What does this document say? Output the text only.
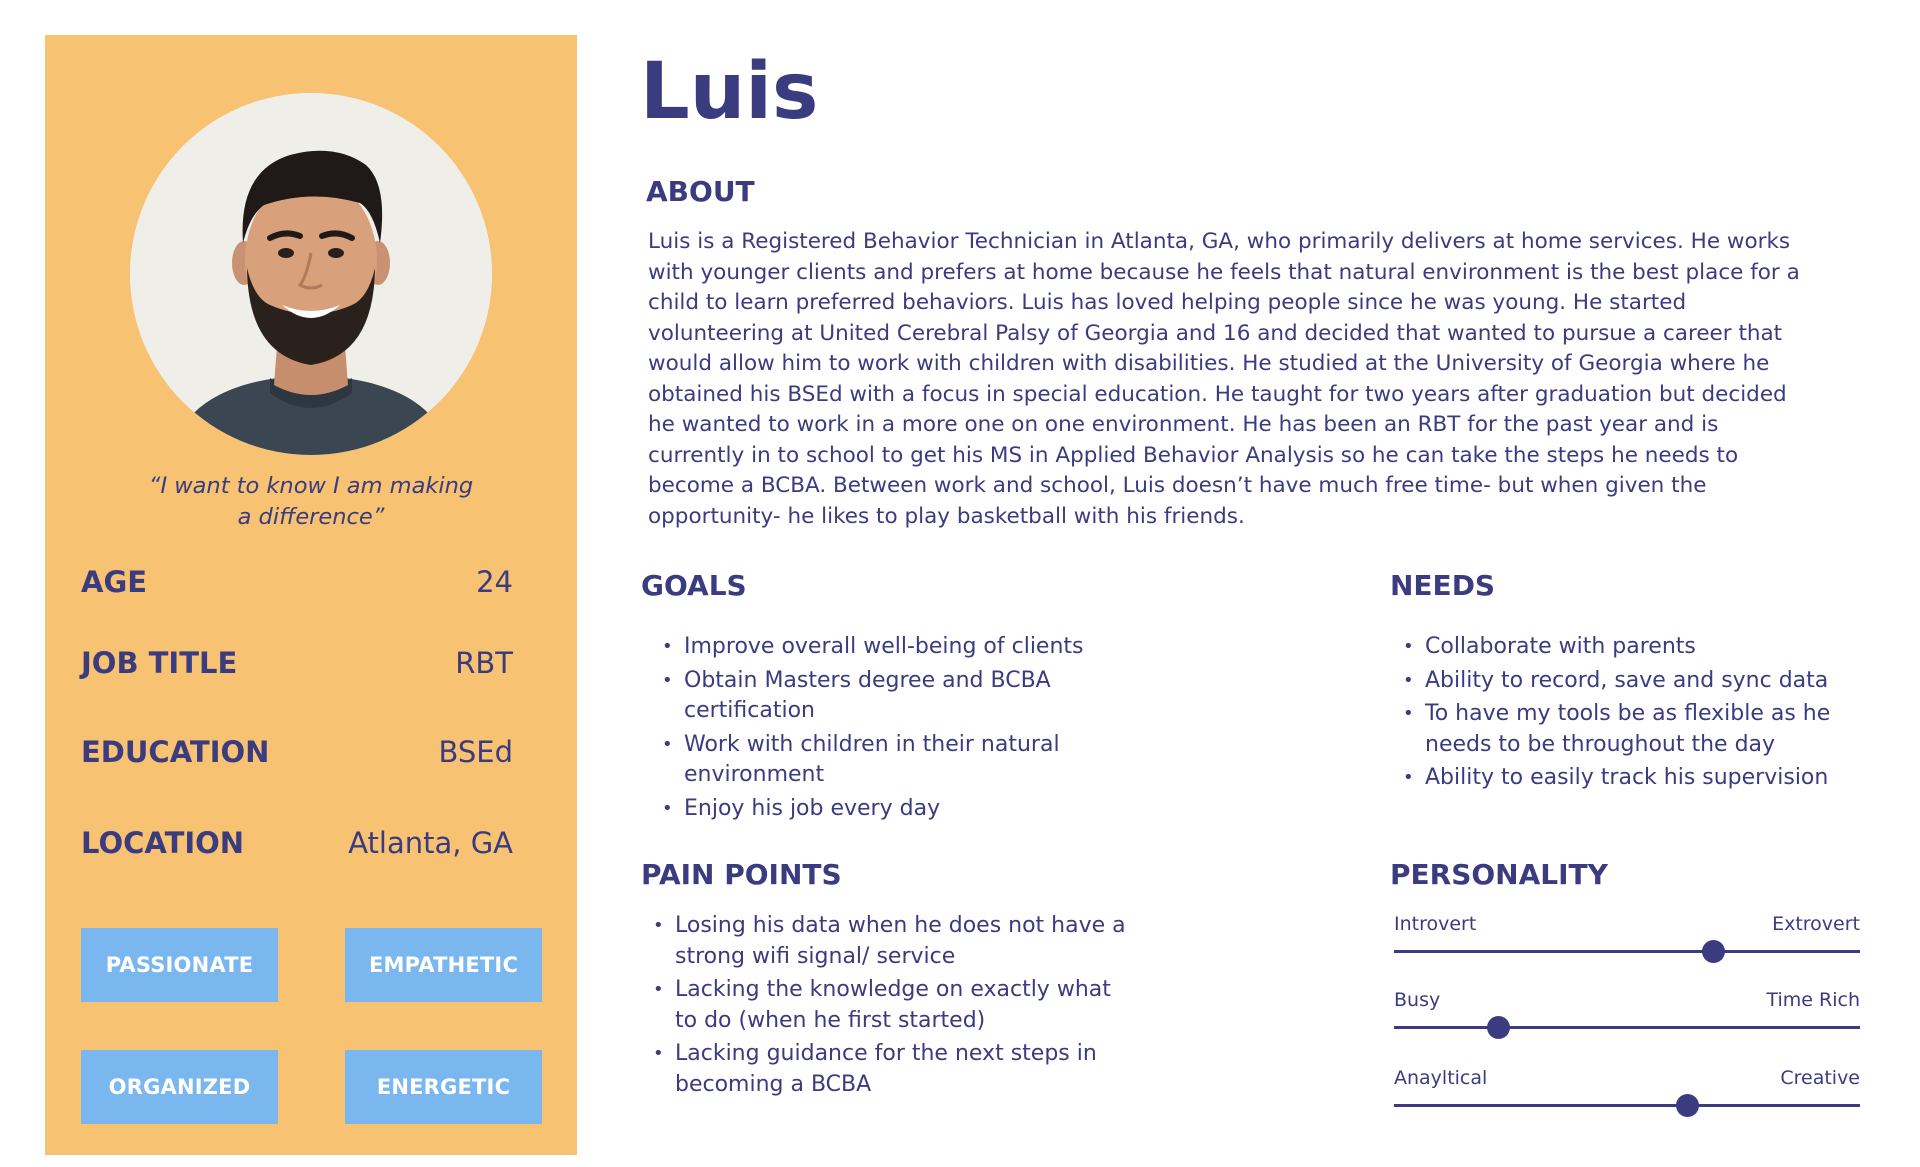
“I want to know I am making
a difference”
AGE	24
JOB TITLE	RBT
EDUCATION	BSEd
LOCATION	Atlanta, GA
PASSIONATE	EMPATHETIC
ORGANIZED	ENERGETIC
Luis
ABOUT
Luis is a Registered Behavior Technician in Atlanta, GA, who primarily delivers at home services. He works
with younger clients and prefers at home because he feels that natural environment is the best place for a
child to learn preferred behaviors. Luis has loved helping people since he was young. He started
volunteering at United Cerebral Palsy of Georgia and 16 and decided that wanted to pursue a career that
would allow him to work with children with disabilities. He studied at the University of Georgia where he
obtained his BSEd with a focus in special education. He taught for two years after graduation but decided
he wanted to work in a more one on one environment. He has been an RBT for the past year and is
currently in to school to get his MS in Applied Behavior Analysis so he can take the steps he needs to
become a BCBA. Between work and school, Luis doesn’t have much free time- but when given the
opportunity- he likes to play basketball with his friends.
GOALS
• Improve overall well-being of clients
• Obtain Masters degree and BCBA certification
• Work with children in their natural environment
• Enjoy his job every day
NEEDS
• Collaborate with parents
• Ability to record, save and sync data
• To have my tools be as flexible as he needs to be throughout the day
• Ability to easily track his supervision
PAIN POINTS
• Losing his data when he does not have a strong wifi signal/ service
• Lacking the knowledge on exactly what to do (when he first started)
• Lacking guidance for the next steps in becoming a BCBA
PERSONALITY
Introvert	Extrovert
Busy	Time Rich
Anayltical	Creative
